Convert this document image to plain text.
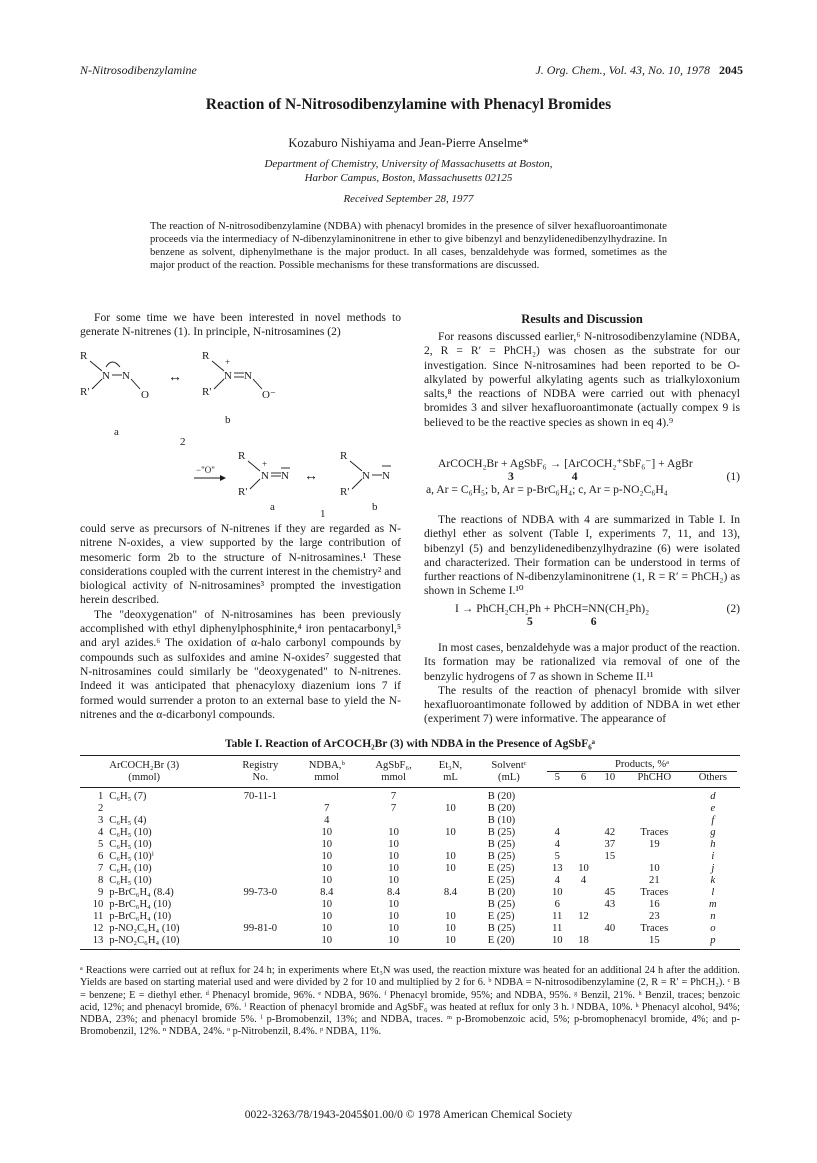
N-Nitrosodibenzylamine	J. Org. Chem., Vol. 43, No. 10, 1978 2045
Reaction of N-Nitrosodibenzylamine with Phenacyl Bromides
Kozaburo Nishiyama and Jean-Pierre Anselme*
Department of Chemistry, University of Massachusetts at Boston,
Harbor Campus, Boston, Massachusetts 02125
Received September 28, 1977
The reaction of N-nitrosodibenzylamine (NDBA) with phenacyl bromides in the presence of silver hexafluoroantimonate proceeds via the intermediacy of N-dibenzylaminonitrene in ether to give bibenzyl and benzylidenedibenzylhydrazine. In benzene as solvent, diphenylmethane is the major product. In all cases, benzaldehyde was formed, sometimes as the major product of the reaction. Possible mechanisms for these transformations are discussed.

For some time we have been interested in novel methods to generate N-nitrenes (1). In principle, N-nitrosamines (2)

R
R'
N N
O
a
↔
R
R'
+
N N
O⁻
b
2
−"O"
R
R'
+
N N
a
↔
R
R'
N N
b
1

could serve as precursors of N-nitrenes if they are regarded as N-nitrene N-oxides, a view supported by the large contribution of mesomeric form 2b to the structure of N-nitrosamines.¹ These considerations coupled with the current interest in the chemistry² and biological activity of N-nitrosamines³ prompted the investigation herein described.

The "deoxygenation" of N-nitrosamines has been previously accomplished with ethyl diphenylphosphinite,⁴ iron pentacarbonyl,⁵ and aryl azides.⁶ The oxidation of α-halo carbonyl compounds by compounds such as sulfoxides and amine N-oxides⁷ suggested that N-nitrosamines could similarly be "deoxygenated" to N-nitrenes. Indeed it was anticipated that phenacyloxy diazenium ions 7 if formed would surrender a proton to an external base to yield the N-nitrenes and the α-dicarbonyl compounds.

Results and Discussion

For reasons discussed earlier,⁶ N-nitrosodibenzylamine (NDBA, 2, R = R′ = PhCH₂) was chosen as the substrate for our investigation. Since N-nitrosamines had been reported to be O-alkylated by powerful alkylating agents such as trialkyloxonium salts,⁸ the reactions of NDBA were carried out with phenacyl bromides 3 and silver hexafluoroantimonate (actually compex 9 is believed to be the reactive species as shown in eq 4).⁹

ArCOCH₂Br + AgSbF₆ → [ArCOCH₂⁺SbF₆⁻] + AgBr
3                    4	(1)
a, Ar = C₆H₅; b, Ar = p-BrC₆H₄; c, Ar = p-NO₂C₆H₄

The reactions of NDBA with 4 are summarized in Table I. In diethyl ether as solvent (Table I, experiments 7, 11, and 13), bibenzyl (5) and benzylidenedibenzylhydrazine (6) were isolated and characterized. Their formation can be understood in terms of further reactions of N-dibenzylaminonitrene (1, R = R′ = PhCH₂) as shown in Scheme I.¹⁰

I → PhCH₂CH₂Ph + PhCH=NN(CH₂Ph)₂	(2)
5                    6

In most cases, benzaldehyde was a major product of the reaction. Its formation may be rationalized via removal of one of the benzylic hydrogens of 7 as shown in Scheme II.¹¹

The results of the reaction of phenacyl bromide with silver hexafluoroantimonate followed by addition of NDBA in wet ether (experiment 7) were informative. The appearance of

Table I. Reaction of ArCOCH₂Br (3) with NDBA in the Presence of AgSbF₆ᵃ
	ArCOCH₂Br (3)	Registry	NDBA,ᵇ	AgSbF₆,	Et₃N,	Solventᶜ	Products, %ᵃ				

	(mmol)	No.	mmol	mmol	mL	(mL)	5	6	10	PhCHO	Others
1	C₆H₅ (7)	70-11-1		7		B (20)					d
2			7	7	10	B (20)					e
3	C₆H₅ (4)		4			B (10)					f
4	C₆H₅ (10)		10	10	10	B (25)	4		42	Traces	g
5	C₆H₅ (10)		10	10		B (25)	4		37	19	h
6	C₆H₅ (10)ⁱ		10	10	10	B (25)	5		15		i
7	C₆H₅ (10)		10	10	10	E (25)	13	10		10	j
8	C₆H₅ (10)		10	10		E (25)	4	4		21	k
9	p-BrC₆H₄ (8.4)	99-73-0	8.4	8.4	8.4	B (20)	10		45	Traces	l
10	p-BrC₆H₄ (10)		10	10		B (25)	6		43	16	m
11	p-BrC₆H₄ (10)		10	10	10	E (25)	11	12		23	n
12	p-NO₂C₆H₄ (10)	99-81-0	10	10	10	B (25)	11		40	Traces	o
13	p-NO₂C₆H₄ (10)		10	10	10	E (20)	10	18		15	p
ᵃ Reactions were carried out at reflux for 24 h; in experiments where Et₃N was used, the reaction mixture was heated for an additional 24 h after the addition. Yields are based on starting material used and were divided by 2 for 10 and multiplied by 2 for 6. ᵇ NDBA = N-nitrosodibenzylamine (2, R = R′ = PhCH₂). ᶜ B = benzene; E = diethyl ether. ᵈ Phenacyl bromide, 96%. ᵉ NDBA, 96%. ᶠ Phenacyl bromide, 95%; and NDBA, 95%. ᵍ Benzil, 21%. ʰ Benzil, traces; benzoic acid, 12%; and phenacyl bromide, 6%. ⁱ Reaction of phenacyl bromide and AgSbF₆ was heated at reflux for only 3 h. ʲ NDBA, 10%. ᵏ Phenacyl alcohol, 94%; NDBA, 23%; and phenacyl bromide 5%. ˡ p-Bromobenzil, 13%; and NDBA, traces. ᵐ p-Bromobenzoic acid, 5%; p-bromophenacyl bromide, 4%; and p-Bromobenzil, 12%. ⁿ NDBA, 24%. ᵒ p-Nitrobenzil, 8.4%. ᵖ NDBA, 11%.
0022-3263/78/1943-2045$01.00/0 © 1978 American Chemical Society
